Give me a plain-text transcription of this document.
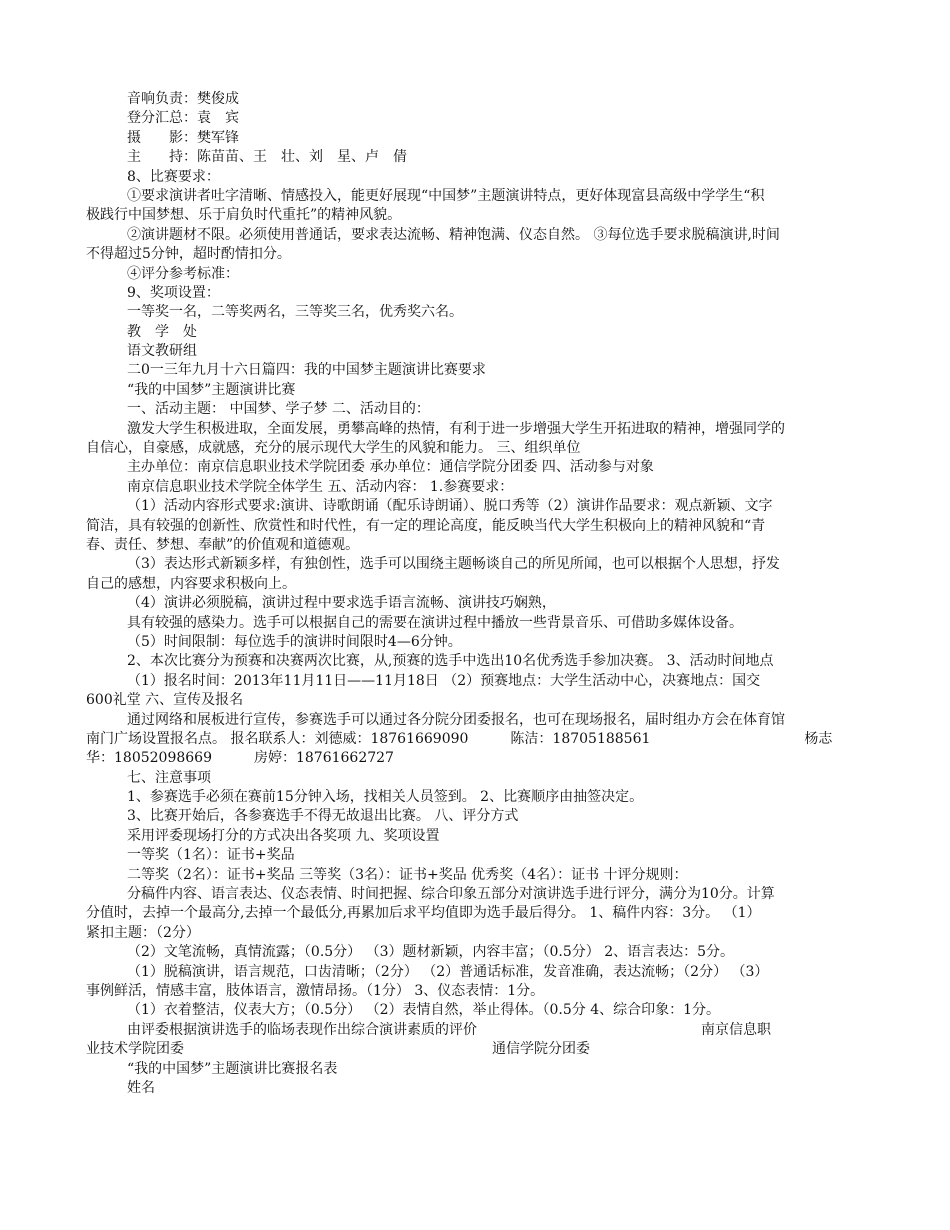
音响负责：樊俊成
登分汇总：袁　宾
摄　　影：樊军锋
主　　持：陈苗苗、王　壮、刘　星、卢　倩
8、比赛要求：
①要求演讲者吐字清晰、情感投入，能更好展现“中国梦”主题演讲特点，更好体现富县高级中学学生“积
极践行中国梦想、乐于肩负时代重托”的精神风貌。
②演讲题材不限。必须使用普通话，要求表达流畅、精神饱满、仪态自然。 ③每位选手要求脱稿演讲,时间
不得超过5分钟，超时酌情扣分。
④评分参考标准：
9、奖项设置：
一等奖一名，二等奖两名，三等奖三名，优秀奖六名。
教　学　处
语文教研组
二0一三年九月十六日篇四：我的中国梦主题演讲比赛要求
“我的中国梦”主题演讲比赛
一、活动主题： 中国梦、学子梦 二、活动目的：
激发大学生积极进取，全面发展，勇攀高峰的热情，有利于进一步增强大学生开拓进取的精神，增强同学的
自信心，自豪感，成就感，充分的展示现代大学生的风貌和能力。 三、组织单位
主办单位：南京信息职业技术学院团委 承办单位：通信学院分团委 四、活动参与对象
南京信息职业技术学院全体学生 五、活动内容： 1.参赛要求：
（1）活动内容形式要求:演讲、诗歌朗诵（配乐诗朗诵）、脱口秀等（2）演讲作品要求：观点新颖、文字
简洁，具有较强的创新性、欣赏性和时代性，有一定的理论高度，能反映当代大学生积极向上的精神风貌和“青
春、责任、梦想、奉献”的价值观和道德观。
（3）表达形式新颖多样，有独创性，选手可以围绕主题畅谈自己的所见所闻，也可以根据个人思想，抒发
自己的感想，内容要求积极向上。
（4）演讲必须脱稿，演讲过程中要求选手语言流畅、演讲技巧娴熟，
具有较强的感染力。选手可以根据自己的需要在演讲过程中播放一些背景音乐、可借助多媒体设备。
（5）时间限制：每位选手的演讲时间限时4—6分钟。
2、本次比赛分为预赛和决赛两次比赛，从,预赛的选手中选出10名优秀选手参加决赛。 3、活动时间地点
（1）报名时间：2013年11月11日——11月18日 （2）预赛地点：大学生活动中心，决赛地点：国交
600礼堂 六、宣传及报名
通过网络和展板进行宣传，参赛选手可以通过各分院分团委报名，也可在现场报名，届时组办方会在体育馆
南门广场设置报名点。 报名联系人：刘德威：18761669090　　　陈洁：18705188561　　　　　　　　　　　杨志
华：18052098669　　　房婷：18761662727
七、注意事项
1、参赛选手必须在赛前15分钟入场，找相关人员签到。 2、比赛顺序由抽签决定。
3、比赛开始后，各参赛选手不得无故退出比赛。 八、评分方式
采用评委现场打分的方式决出各奖项 九、奖项设置
一等奖（1名）：证书+奖品
二等奖（2名）：证书+奖品 三等奖（3名）：证书+奖品 优秀奖（4名）：证书 十评分规则：
分稿件内容、语言表达、仪态表情、时间把握、综合印象五部分对演讲选手进行评分，满分为10分。计算
分值时，去掉一个最高分,去掉一个最低分,再累加后求平均值即为选手最后得分。 1、稿件内容：3分。 （1）
紧扣主题：（2分）
（2）文笔流畅，真情流露；（0.5分） （3）题材新颖，内容丰富；（0.5分） 2、语言表达：5分。
（1）脱稿演讲，语言规范，口齿清晰；（2分） （2）普通话标准，发音准确，表达流畅；（2分） （3）
事例鲜活，情感丰富，肢体语言，激情昂扬。（1分） 3、仪态表情：1分。
（1）衣着整洁，仪表大方；（0.5分） （2）表情自然，举止得体。（0.5分 4、综合印象：1分。
由评委根据演讲选手的临场表现作出综合演讲素质的评价　　　　　　　　　　　　　　　　南京信息职
业技术学院团委　　　　　　　　　　　　　　　　　　　　　　通信学院分团委
“我的中国梦”主题演讲比赛报名表
姓名
